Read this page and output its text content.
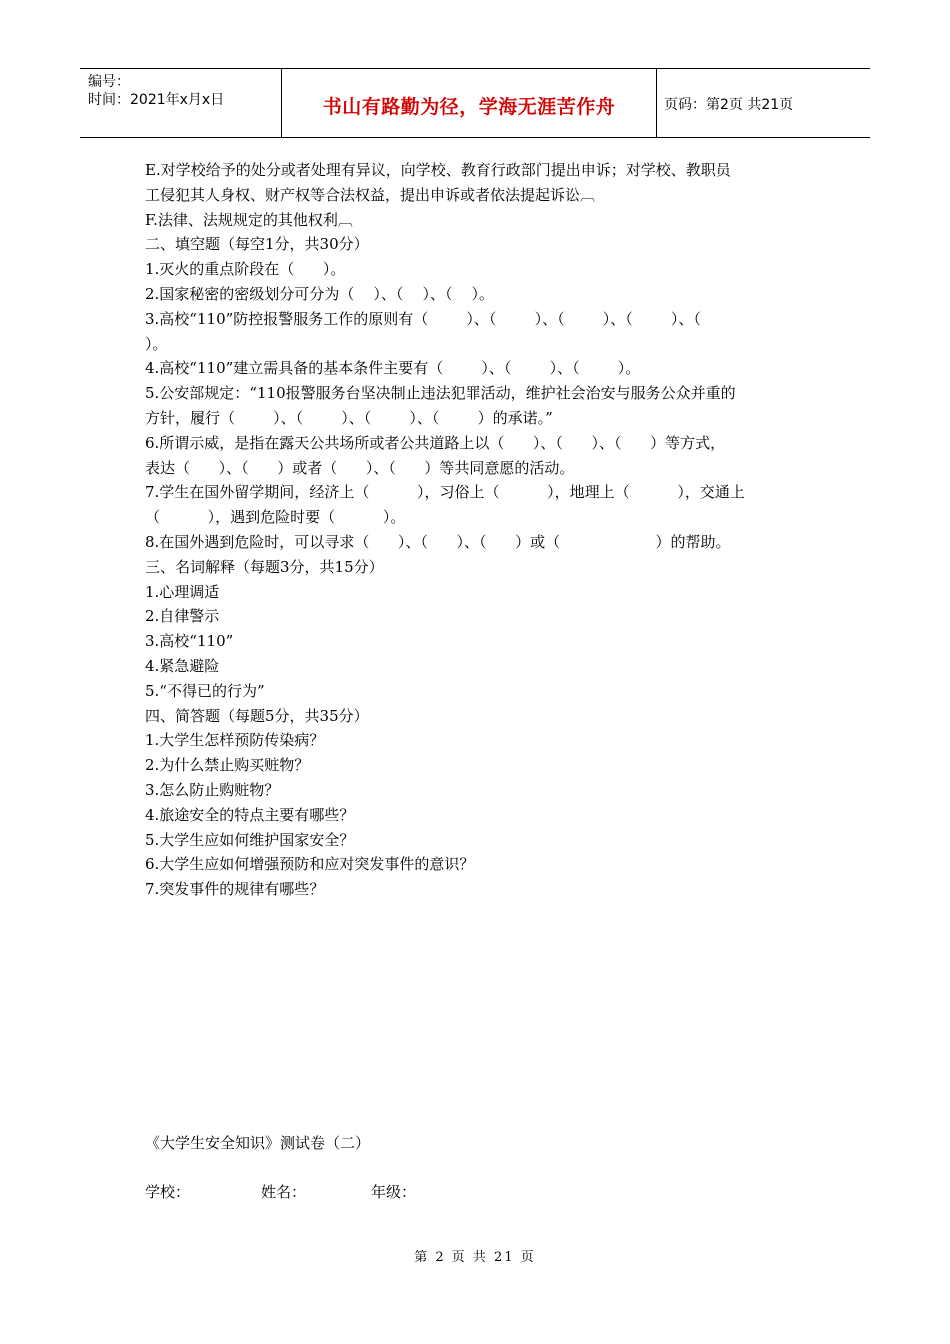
编号：
时间：2021年x月x日	书山有路勤为径，学海无涯苦作舟	页码：第2页 共21页
E.对学校给予的处分或者处理有异议，向学校、教育行政部门提出申诉；对学校、教职员
工侵犯其人身权、财产权等合法权益，提出申诉或者依法提起诉讼︹
F.法律、法规规定的其他权利︹
二、填空题（每空1分，共30分）
1.灭火的重点阶段在（      ）。
2.国家秘密的密级划分可分为（    ）、（    ）、（    ）。
3.高校“110”防控报警服务工作的原则有（        ）、（        ）、（        ）、（        ）、（
）。
4.高校“110”建立需具备的基本条件主要有（        ）、（        ）、（        ）。
5.公安部规定：“110报警服务台坚决制止违法犯罪活动，维护社会治安与服务公众并重的
方针，履行（        ）、（        ）、（        ）、（        ）的承诺。”
6.所谓示威，是指在露天公共场所或者公共道路上以（      ）、（      ）、（      ）等方式，
表达（      ）、（      ）或者（      ）、（      ）等共同意愿的活动。
7.学生在国外留学期间，经济上（          ），习俗上（          ），地理上（          ），交通上
（          ），遇到危险时要（          ）。
8.在国外遇到危险时，可以寻求（      ）、（      ）、（      ）或（                    ）的帮助。
三、名词解释（每题3分，共15分）
1.心理调适
2.自律警示
3.高校“110”
4.紧急避险
5.“不得已的行为”
四、简答题（每题5分，共35分）
1.大学生怎样预防传染病？
2.为什么禁止购买赃物？
3.怎么防止购赃物？
4.旅途安全的特点主要有哪些？
5.大学生应如何维护国家安全？
6.大学生应如何增强预防和应对突发事件的意识？
7.突发事件的规律有哪些？
《大学生安全知识》测试卷（二）
学校：	姓名：	年级：
第 2 页 共 21 页
